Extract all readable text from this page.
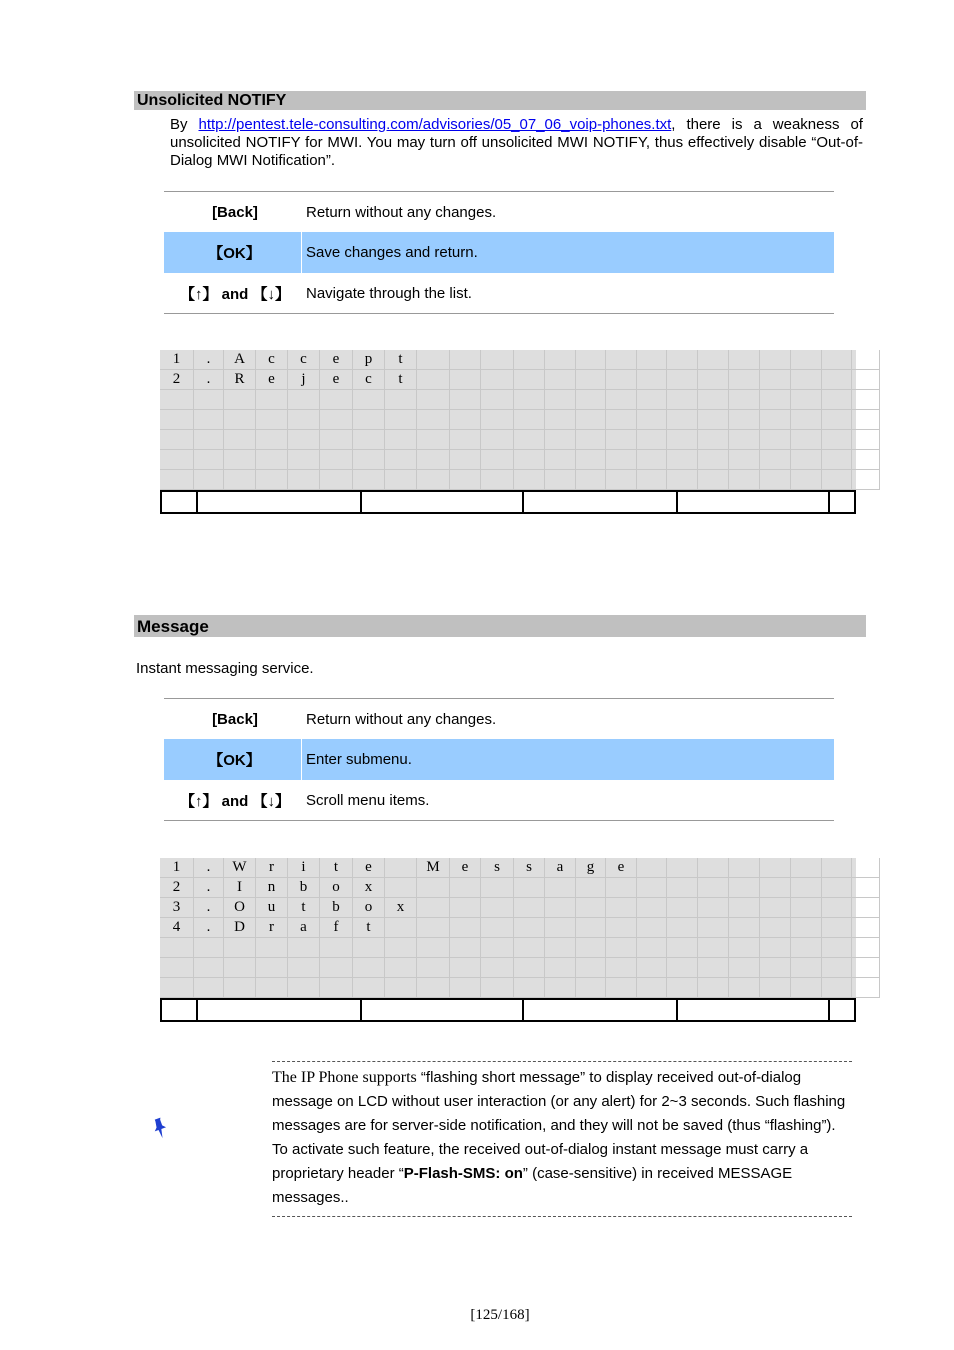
Unsolicited NOTIFY
By http://pentest.tele-consulting.com/advisories/05_07_06_voip-phones.txt, there is a weakness of unsolicited NOTIFY for MWI. You may turn off unsolicited MWI NOTIFY, thus effectively disable “Out-of-Dialog MWI Notification”.
[Back]	Return without any changes.
【OK】	Save changes and return.
【↑】 and 【↓】	Navigate through the list.
1	.	A	c	c	e	p	t
2	.	R	e	j	e	c	t
Message
Instant messaging service.
[Back]	Return without any changes.
【OK】	Enter submenu.
【↑】 and 【↓】	Scroll menu items.
1	.	W	r	i	t	e	M	e	s	s	a	g	e
2	.	I	n	b	o	x
3	.	O	u	t	b	o	x
4	.	D	r	a	f	t
The IP Phone supports “flashing short message” to display received out-of-dialog message on LCD without user interaction (or any alert) for 2~3 seconds. Such flashing messages are for server-side notification, and they will not be saved (thus “flashing”). To activate such feature, the received out-of-dialog instant message must carry a proprietary header “P-Flash-SMS: on” (case-sensitive) in received MESSAGE messages..
[125/168]
